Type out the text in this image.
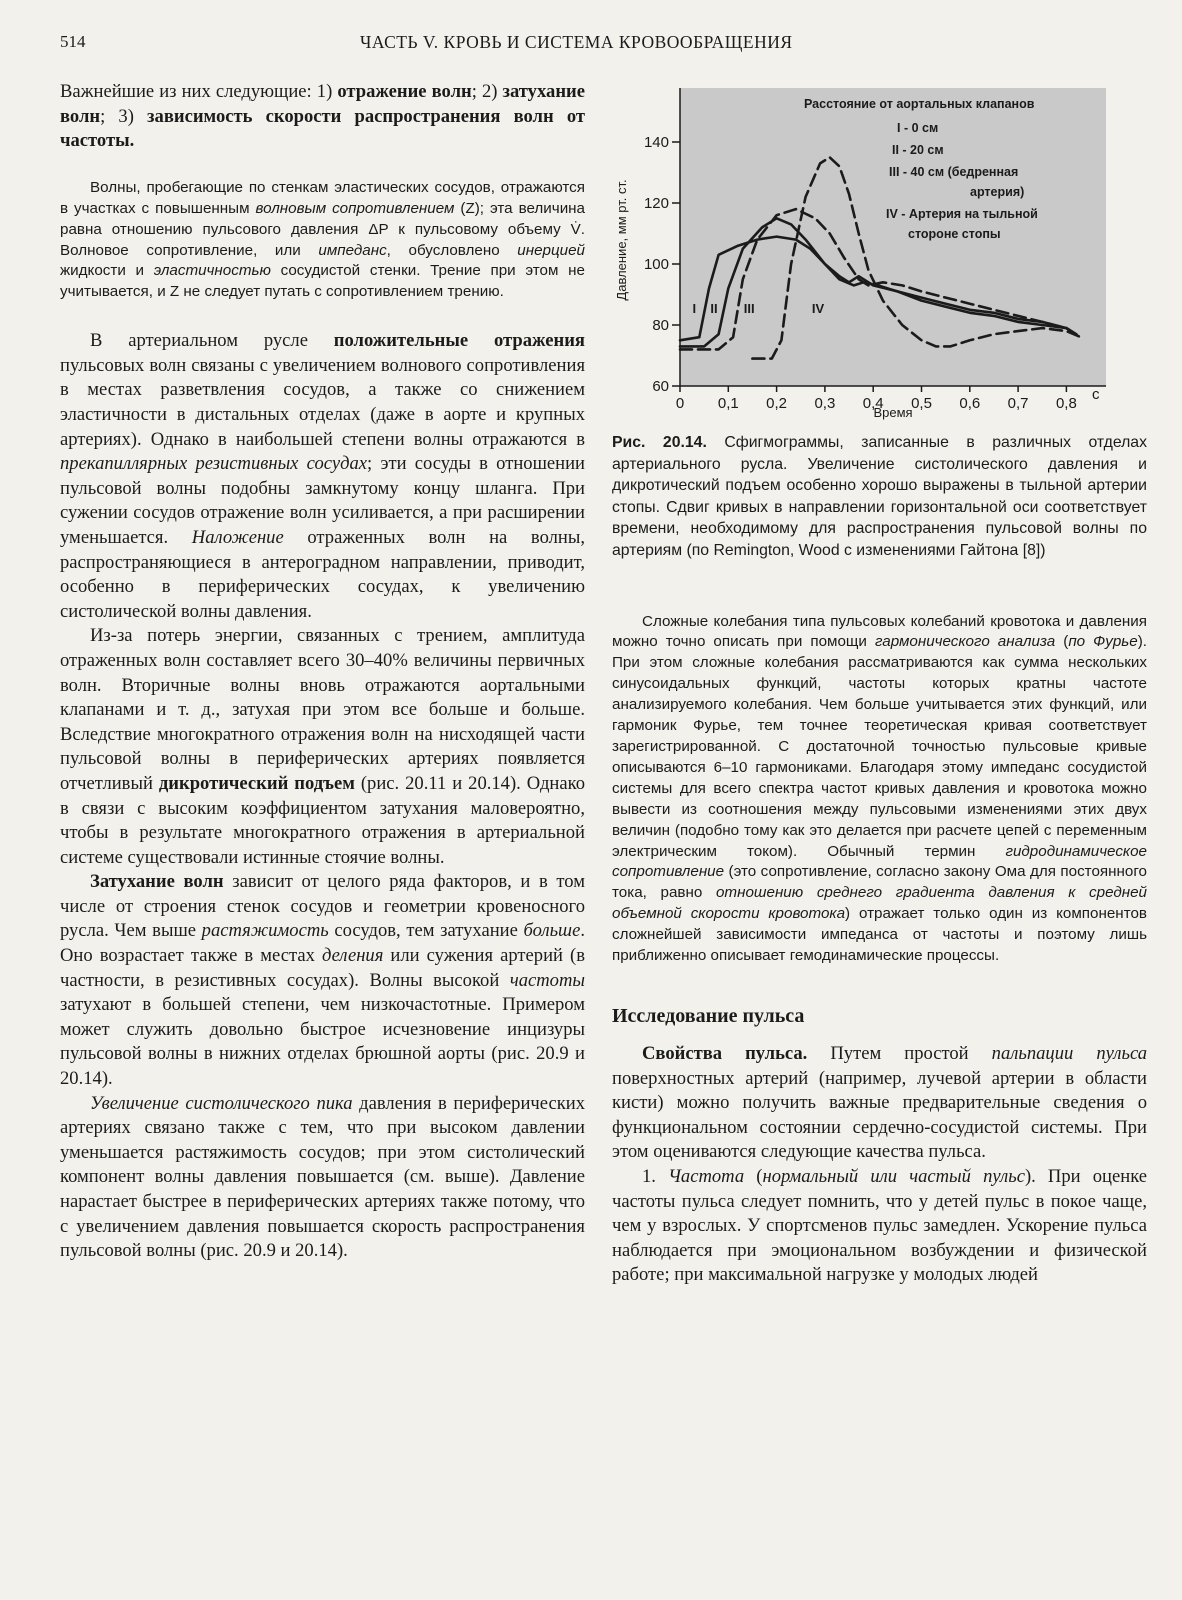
514	ЧАСТЬ V. КРОВЬ И СИСТЕМА КРОВООБРАЩЕНИЯ

Важнейшие из них следующие: 1) отражение волн; 2) затухание волн; 3) зависимость скорости распространения волн от частоты.

Волны, пробегающие по стенкам эластических сосудов, отражаются в участках с повышенным волновым сопротивлением (Z); эта величина равна отношению пульсового давления ΔP к пульсовому объему V̇. Волновое сопротивление, или импеданс, обусловлено инерцией жидкости и эластичностью сосудистой стенки. Трение при этом не учитывается, и Z не следует путать с сопротивлением трению.

В артериальном русле положительные отражения пульсовых волн связаны с увеличением волнового сопротивления в местах разветвления сосудов, а также со снижением эластичности в дистальных отделах (даже в аорте и крупных артериях). Однако в наибольшей степени волны отражаются в прекапиллярных резистивных сосудах; эти сосуды в отношении пульсовой волны подобны замкнутому концу шланга. При сужении сосудов отражение волн усиливается, а при расширении уменьшается. Наложение отраженных волн на волны, распространяющиеся в антероградном направлении, приводит, особенно в периферических сосудах, к увеличению систолической волны давления.

Из-за потерь энергии, связанных с трением, амплитуда отраженных волн составляет всего 30–40% величины первичных волн. Вторичные волны вновь отражаются аортальными клапанами и т. д., затухая при этом все больше и больше. Вследствие многократного отражения волн на нисходящей части пульсовой волны в периферических артериях появляется отчетливый дикротический подъем (рис. 20.11 и 20.14). Однако в связи с высоким коэффициентом затухания маловероятно, чтобы в результате многократного отражения в артериальной системе существовали истинные стоячие волны.

Затухание волн зависит от целого ряда факторов, и в том числе от строения стенок сосудов и геометрии кровеносного русла. Чем выше растяжимость сосудов, тем затухание больше. Оно возрастает также в местах деления или сужения артерий (в частности, в резистивных сосудах). Волны высокой частоты затухают в большей степени, чем низкочастотные. Примером может служить довольно быстрое исчезновение инцизуры пульсовой волны в нижних отделах брюшной аорты (рис. 20.9 и 20.14).

Увеличение систолического пика давления в периферических артериях связано также с тем, что при высоком давлении уменьшается растяжимость сосудов; при этом систолический компонент волны давления повышается (см. выше). Давление нарастает быстрее в периферических артериях также потому, что с увеличением давления повышается скорость распространения пульсовой волны (рис. 20.9 и 20.14).

60
80
100
120
140
0 0,1 0,2 0,3 0,4 0,5 0,6 0,7 0,8
I II III	IV
с
Время
Давление, мм рт. ст.
Расстояние от аортальных клапанов
I - 0 см
II - 20 см
III - 40 см (бедренная артерия)
IV - Артерия на тыльной стороне стопы

Рис. 20.14. Сфигмограммы, записанные в различных отделах артериального русла. Увеличение систолического давления и дикротический подъем особенно хорошо выражены в тыльной артерии стопы. Сдвиг кривых в направлении горизонтальной оси соответствует времени, необходимому для распространения пульсовой волны по артериям (по Remington, Wood с изменениями Гайтона [8])

Сложные колебания типа пульсовых колебаний кровотока и давления можно точно описать при помощи гармонического анализа (по Фурье). При этом сложные колебания рассматриваются как сумма нескольких синусоидальных функций, частоты которых кратны частоте анализируемого колебания. Чем больше учитывается этих функций, или гармоник Фурье, тем точнее теоретическая кривая соответствует зарегистрированной. С достаточной точностью пульсовые кривые описываются 6–10 гармониками. Благодаря этому импеданс сосудистой системы для всего спектра частот кривых давления и кровотока можно вывести из соотношения между пульсовыми изменениями этих двух величин (подобно тому как это делается при расчете цепей с переменным электрическим током). Обычный термин гидродинамическое сопротивление (это сопротивление, согласно закону Ома для постоянного тока, равно отношению среднего градиента давления к средней объемной скорости кровотока) отражает только один из компонентов сложнейшей зависимости импеданса от частоты и поэтому лишь приближенно описывает гемодинамические процессы.

Исследование пульса

Свойства пульса. Путем простой пальпации пульса поверхностных артерий (например, лучевой артерии в области кисти) можно получить важные предварительные сведения о функциональном состоянии сердечно-сосудистой системы. При этом оцениваются следующие качества пульса.

1. Частота (нормальный или частый пульс). При оценке частоты пульса следует помнить, что у детей пульс в покое чаще, чем у взрослых. У спортсменов пульс замедлен. Ускорение пульса наблюдается при эмоциональном возбуждении и физической работе; при максимальной нагрузке у молодых людей
